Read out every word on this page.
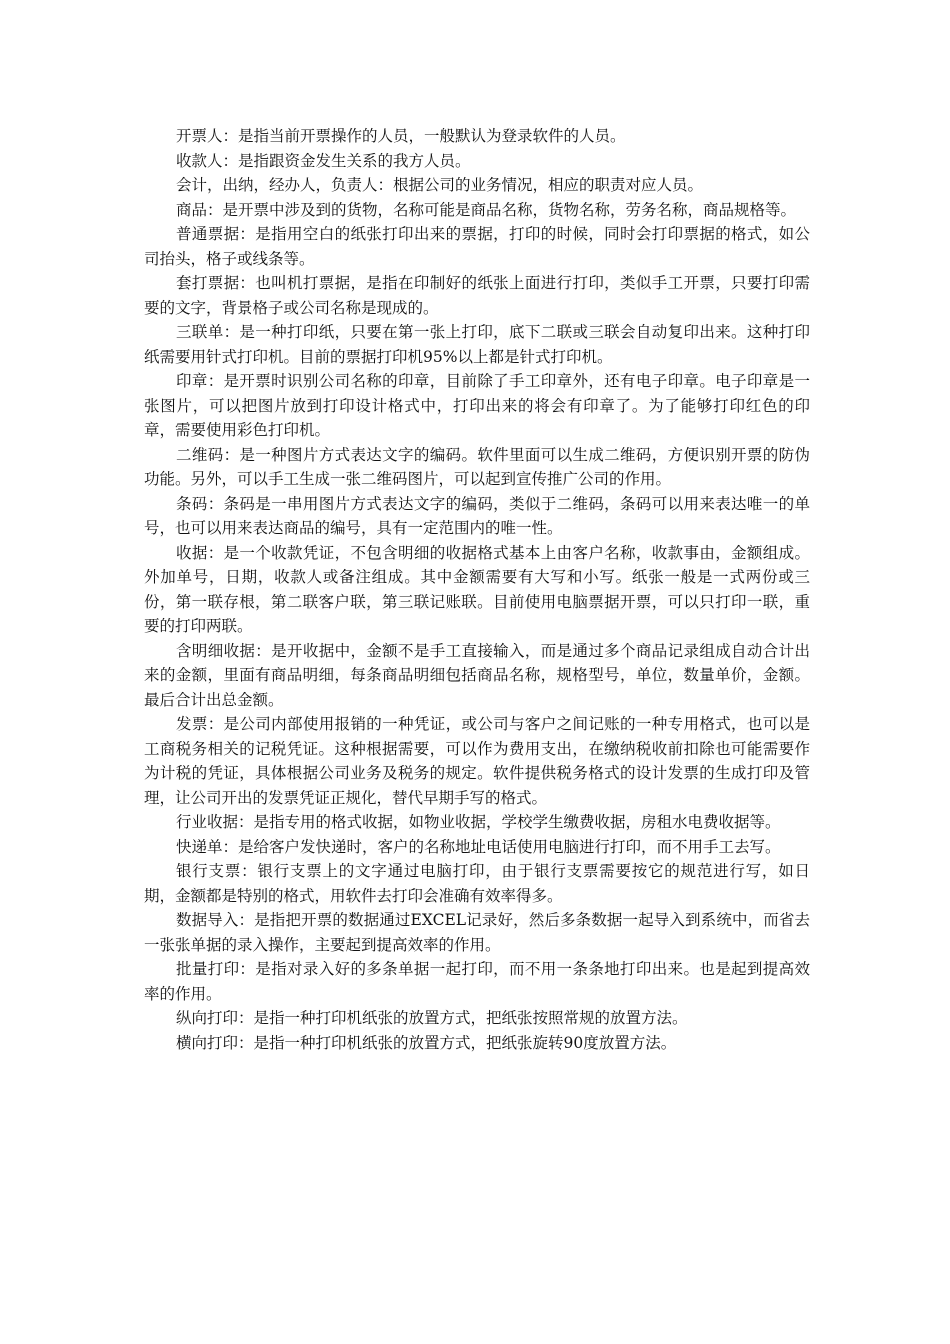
开票人：是指当前开票操作的人员，一般默认为登录软件的人员。

收款人：是指跟资金发生关系的我方人员。

会计，出纳，经办人，负责人：根据公司的业务情况，相应的职责对应人员。

商品：是开票中涉及到的货物，名称可能是商品名称，货物名称，劳务名称，商品规格等。

普通票据：是指用空白的纸张打印出来的票据，打印的时候，同时会打印票据的格式，如公司抬头，格子或线条等。

套打票据：也叫机打票据，是指在印制好的纸张上面进行打印，类似手工开票，只要打印需要的文字，背景格子或公司名称是现成的。

三联单：是一种打印纸，只要在第一张上打印，底下二联或三联会自动复印出来。这种打印纸需要用针式打印机。目前的票据打印机95%以上都是针式打印机。

印章：是开票时识别公司名称的印章，目前除了手工印章外，还有电子印章。电子印章是一张图片，可以把图片放到打印设计格式中，打印出来的将会有印章了。为了能够打印红色的印章，需要使用彩色打印机。

二维码：是一种图片方式表达文字的编码。软件里面可以生成二维码，方便识别开票的防伪功能。另外，可以手工生成一张二维码图片，可以起到宣传推广公司的作用。

条码：条码是一串用图片方式表达文字的编码，类似于二维码，条码可以用来表达唯一的单号，也可以用来表达商品的编号，具有一定范围内的唯一性。

收据：是一个收款凭证，不包含明细的收据格式基本上由客户名称，收款事由，金额组成。外加单号，日期，收款人或备注组成。其中金额需要有大写和小写。纸张一般是一式两份或三份，第一联存根，第二联客户联，第三联记账联。目前使用电脑票据开票，可以只打印一联，重要的打印两联。

含明细收据：是开收据中，金额不是手工直接输入，而是通过多个商品记录组成自动合计出来的金额，里面有商品明细，每条商品明细包括商品名称，规格型号，单位，数量单价，金额。最后合计出总金额。

发票：是公司内部使用报销的一种凭证，或公司与客户之间记账的一种专用格式，也可以是工商税务相关的记税凭证。这种根据需要，可以作为费用支出，在缴纳税收前扣除也可能需要作为计税的凭证，具体根据公司业务及税务的规定。软件提供税务格式的设计发票的生成打印及管理，让公司开出的发票凭证正规化，替代早期手写的格式。

行业收据：是指专用的格式收据，如物业收据，学校学生缴费收据，房租水电费收据等。

快递单：是给客户发快递时，客户的名称地址电话使用电脑进行打印，而不用手工去写。

银行支票：银行支票上的文字通过电脑打印，由于银行支票需要按它的规范进行写，如日期，金额都是特别的格式，用软件去打印会准确有效率得多。

数据导入：是指把开票的数据通过EXCEL记录好，然后多条数据一起导入到系统中，而省去一张张单据的录入操作，主要起到提高效率的作用。

批量打印：是指对录入好的多条单据一起打印，而不用一条条地打印出来。也是起到提高效率的作用。

纵向打印：是指一种打印机纸张的放置方式，把纸张按照常规的放置方法。

横向打印：是指一种打印机纸张的放置方式，把纸张旋转90度放置方法。
